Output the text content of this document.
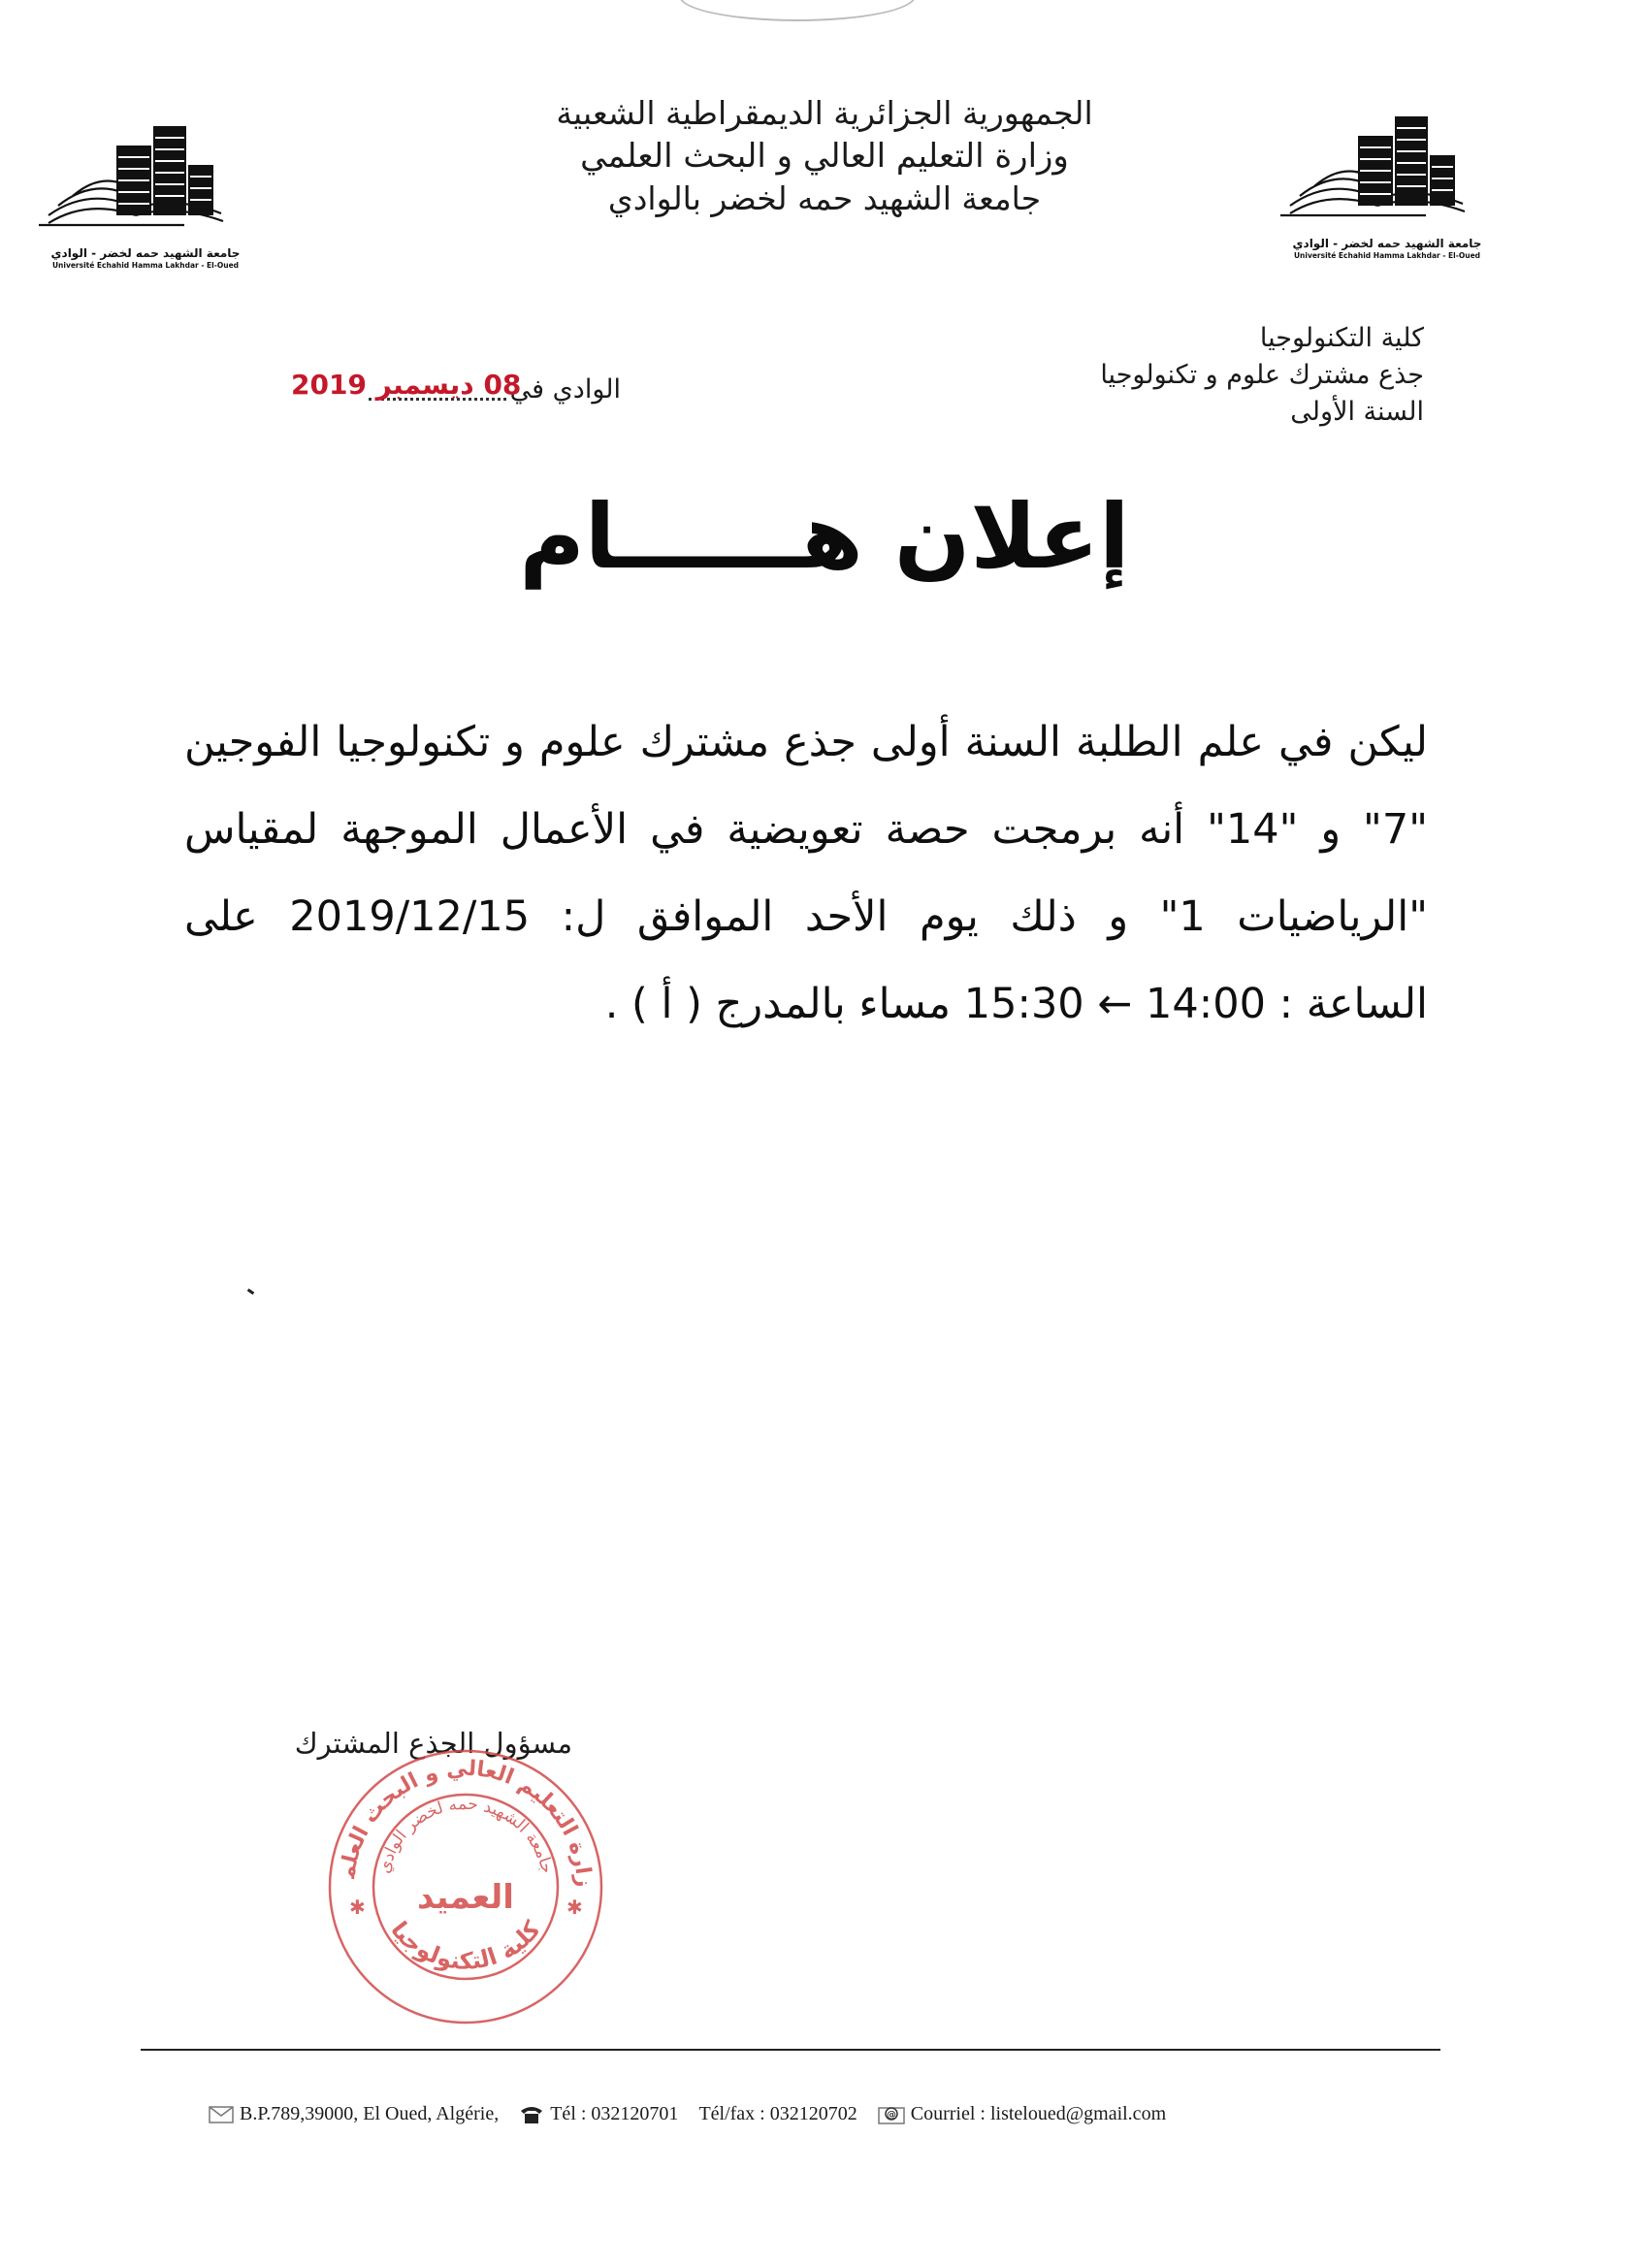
جامعة الشهيد حمه لخضر - الوادي
Université Echahid Hamma Lakhdar - El-Oued
جامعة الشهيد حمه لخضر - الوادي
Université Echahid Hamma Lakhdar - El-Oued
الجمهورية الجزائرية الديمقراطية الشعبية
وزارة التعليم العالي و البحث العلمي
جامعة الشهيد حمه لخضر بالوادي
كلية التكنولوجيا
جذع مشترك علوم و تكنولوجيا
السنة الأولى
الوادي في
08 ديسمبر 2019
إعلان هــــــام
ليكن في علم الطلبة السنة أولى جذع مشترك علوم و تكنولوجيا الفوجين
"7" و "14" أنه برمجت حصة تعويضية في الأعمال الموجهة لمقياس
"الرياضيات 1" و ذلك يوم الأحد الموافق ل: 2019/12/15 على
الساعة : 14:00 ← 15:30 مساء بالمدرج ( أ ) .
مسؤول الجذع المشترك
زارة التعليم العالي و البحث العلم جامعة الشهيد حمه لخضر الوادي
العميد
كلية التكنولوجيا
✱	✱
B.P.789,39000, El Oued, Algérie,	Tél : 032120701 Tél/fax : 032120702	@ Courriel : listeloued@gmail.com
